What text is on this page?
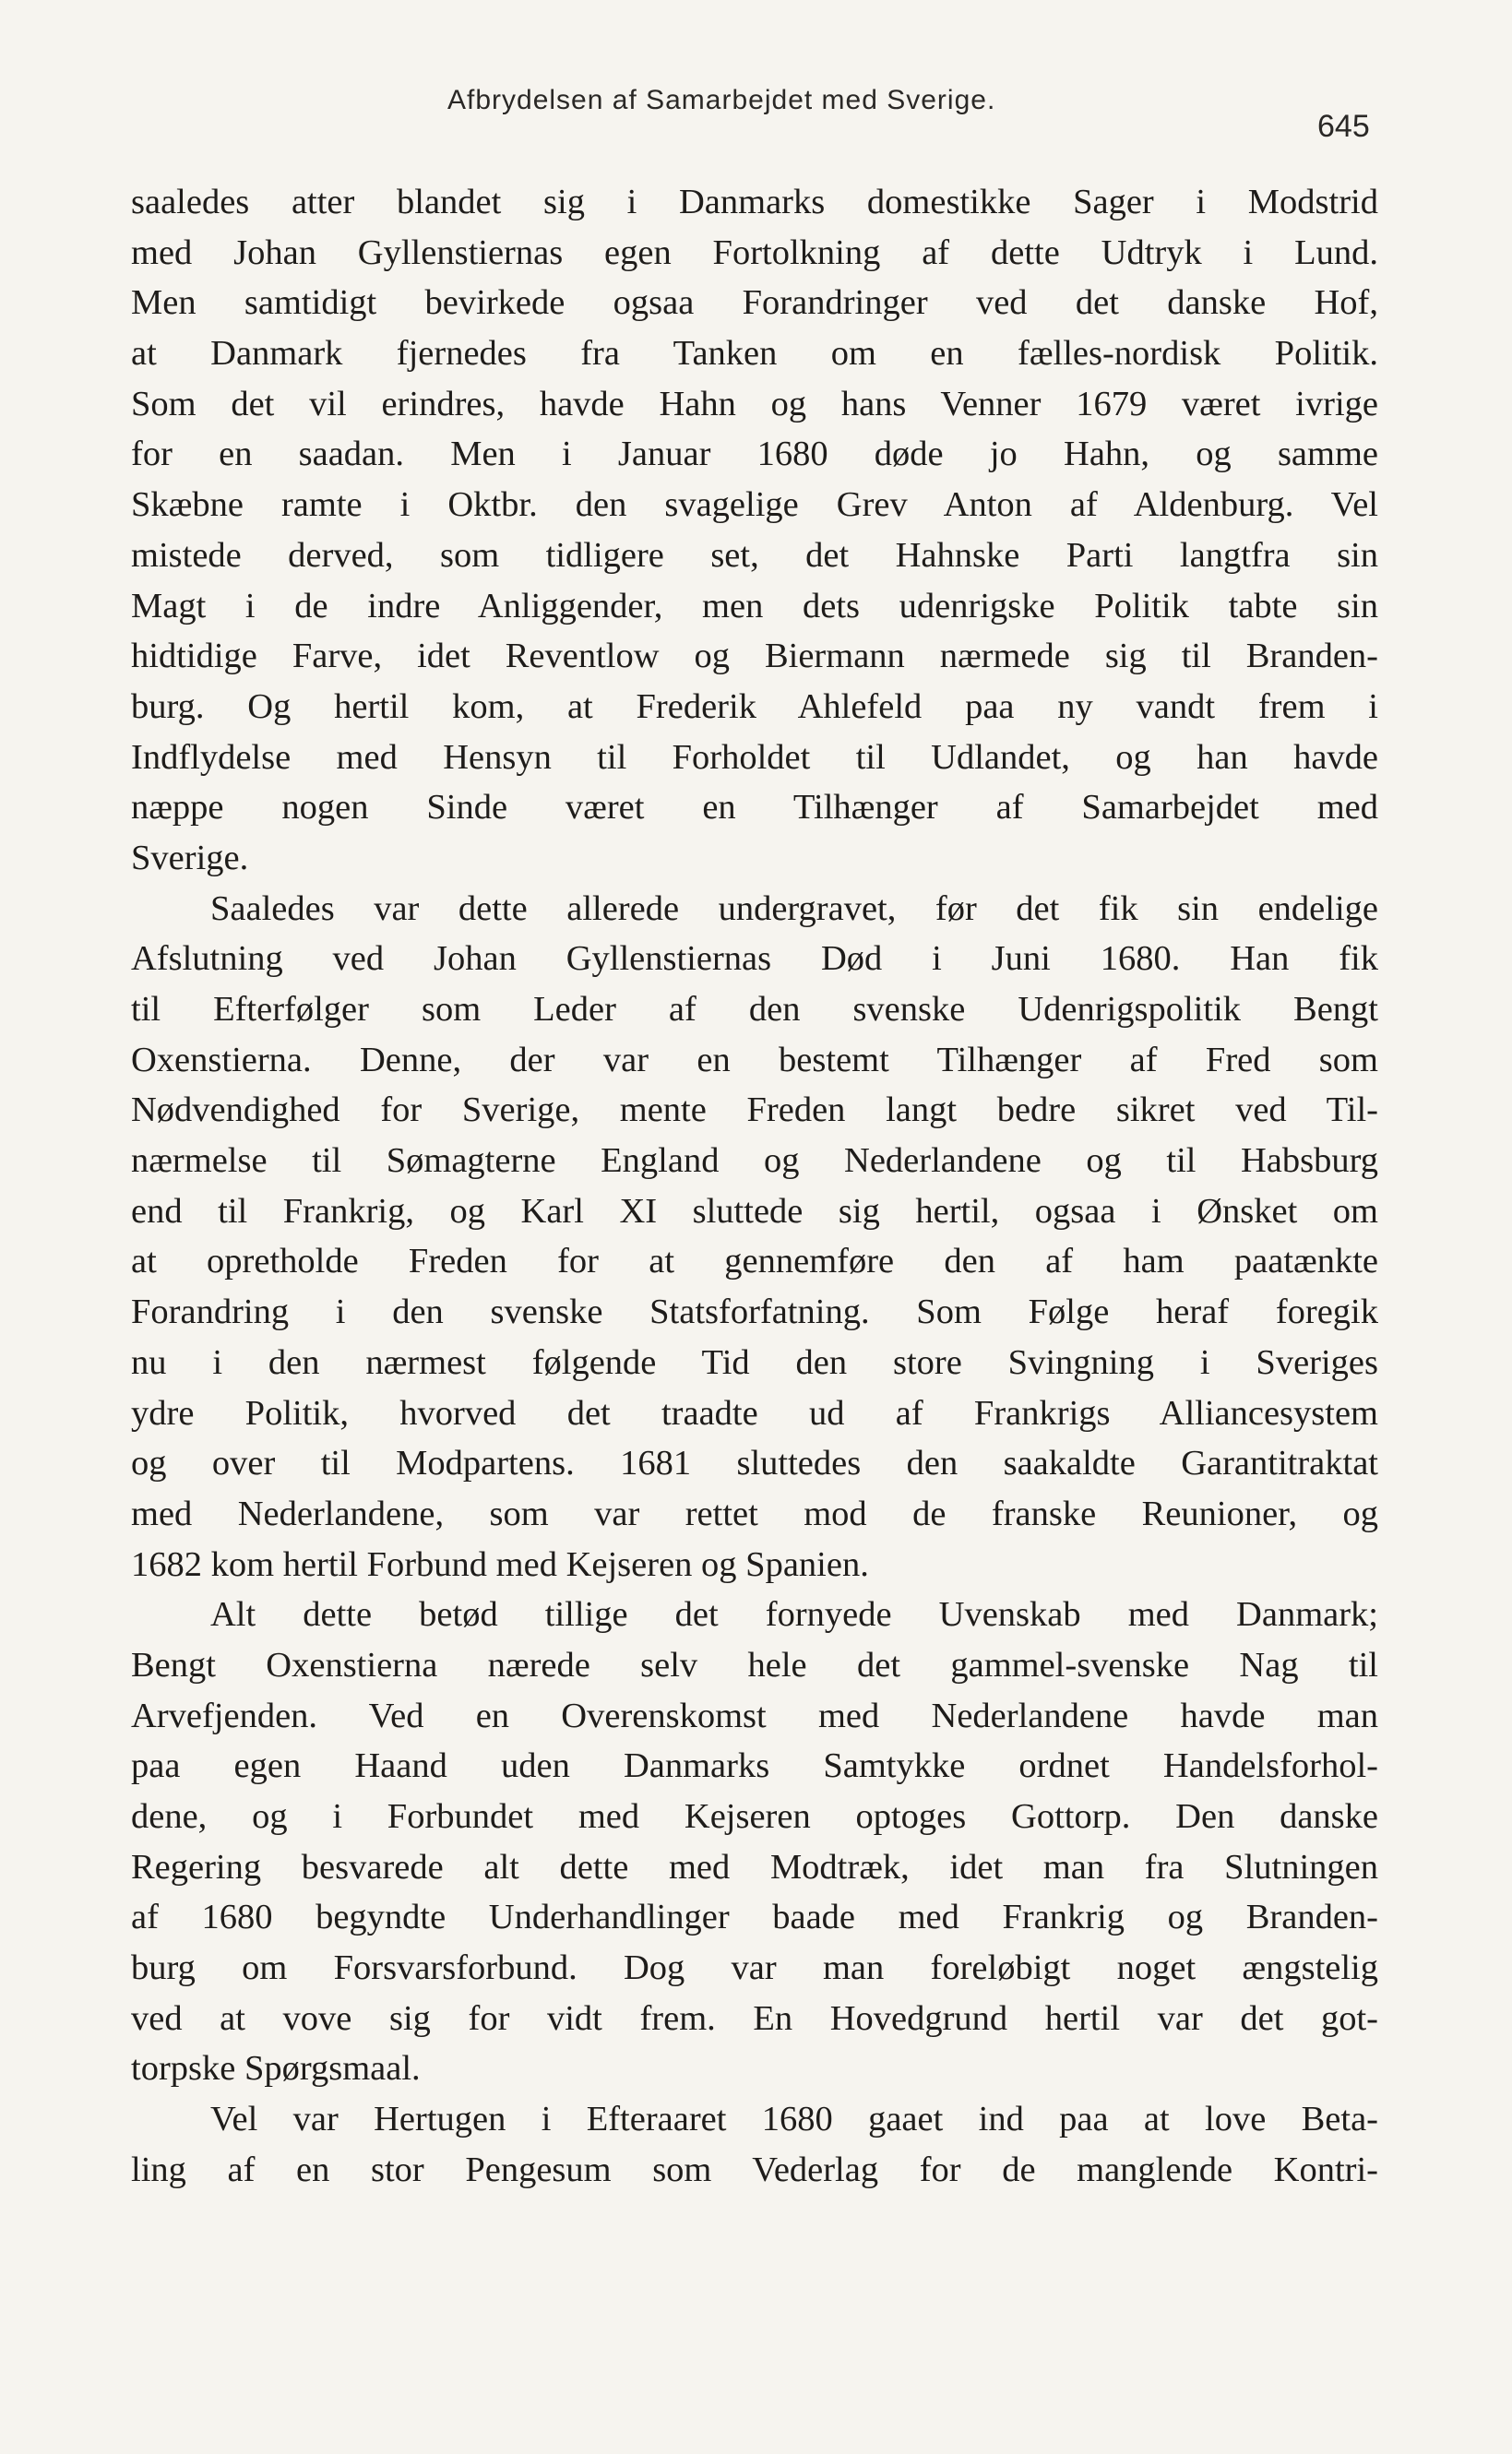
Afbrydelsen af Samarbejdet med Sverige.
645
saaledes atter blandet sig i Danmarks domestikke Sager i Modstrid
med Johan Gyllenstiernas egen Fortolkning af dette Udtryk i Lund.
Men samtidigt bevirkede ogsaa Forandringer ved det danske Hof,
at Danmark fjernedes fra Tanken om en fælles-nordisk Politik.
Som det vil erindres, havde Hahn og hans Venner 1679 været ivrige
for en saadan. Men i Januar 1680 døde jo Hahn, og samme
Skæbne ramte i Oktbr. den svagelige Grev Anton af Aldenburg. Vel
mistede derved, som tidligere set, det Hahnske Parti langtfra sin
Magt i de indre Anliggender, men dets udenrigske Politik tabte sin
hidtidige Farve, idet Reventlow og Biermann nærmede sig til Branden-
burg. Og hertil kom, at Frederik Ahlefeld paa ny vandt frem i
Indflydelse med Hensyn til Forholdet til Udlandet, og han havde
næppe nogen Sinde været en Tilhænger af Samarbejdet med
Sverige.
Saaledes var dette allerede undergravet, før det fik sin endelige
Afslutning ved Johan Gyllenstiernas Død i Juni 1680. Han fik
til Efterfølger som Leder af den svenske Udenrigspolitik Bengt
Oxenstierna. Denne, der var en bestemt Tilhænger af Fred som
Nødvendighed for Sverige, mente Freden langt bedre sikret ved Til-
nærmelse til Sømagterne England og Nederlandene og til Habsburg
end til Frankrig, og Karl XI sluttede sig hertil, ogsaa i Ønsket om
at opretholde Freden for at gennemføre den af ham paatænkte
Forandring i den svenske Statsforfatning. Som Følge heraf foregik
nu i den nærmest følgende Tid den store Svingning i Sveriges
ydre Politik, hvorved det traadte ud af Frankrigs Alliancesystem
og over til Modpartens. 1681 sluttedes den saakaldte Garantitraktat
med Nederlandene, som var rettet mod de franske Reunioner, og
1682 kom hertil Forbund med Kejseren og Spanien.
Alt dette betød tillige det fornyede Uvenskab med Danmark;
Bengt Oxenstierna nærede selv hele det gammel-svenske Nag til
Arvefjenden. Ved en Overenskomst med Nederlandene havde man
paa egen Haand uden Danmarks Samtykke ordnet Handelsforhol-
dene, og i Forbundet med Kejseren optoges Gottorp. Den danske
Regering besvarede alt dette med Modtræk, idet man fra Slutningen
af 1680 begyndte Underhandlinger baade med Frankrig og Branden-
burg om Forsvarsforbund. Dog var man foreløbigt noget ængstelig
ved at vove sig for vidt frem. En Hovedgrund hertil var det got-
torpske Spørgsmaal.
Vel var Hertugen i Efteraaret 1680 gaaet ind paa at love Beta-
ling af en stor Pengesum som Vederlag for de manglende Kontri-
